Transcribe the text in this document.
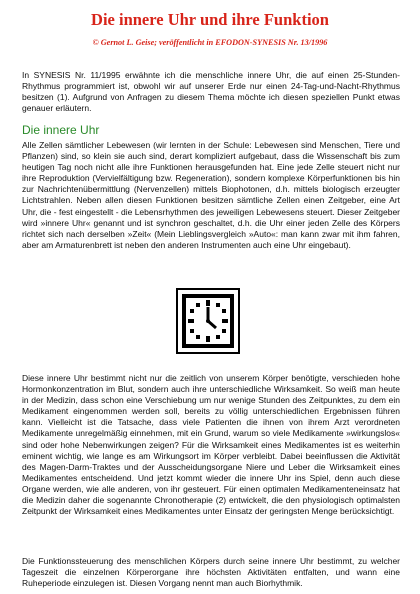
Die innere Uhr und ihre Funktion

© Gernot L. Geise; veröffentlicht in EFODON-SYNESIS Nr. 13/1996

In SYNESIS Nr. 11/1995 erwähnte ich die menschliche innere Uhr, die auf einen 25-Stunden-Rhythmus programmiert ist, obwohl wir auf unserer Erde nur einen 24-Tag-und-Nacht-Rhythmus besitzen (1). Aufgrund von Anfragen zu diesem Thema möchte ich diesen speziellen Punkt etwas genauer erläutern.

Die innere Uhr

Alle Zellen sämtlicher Lebewesen (wir lernten in der Schule: Lebewesen sind Menschen, Tiere und Pflanzen) sind, so klein sie auch sind, derart kompliziert aufgebaut, dass die Wissenschaft bis zum heutigen Tag noch nicht alle ihre Funktionen herausgefunden hat. Eine jede Zelle steuert nicht nur ihre Reproduktion (Vervielfältigung bzw. Regeneration), sondern komplexe Körperfunktionen bis hin zur Nachrichtenübermittlung (Nervenzellen) mittels Biophotonen, d.h. mittels biologisch erzeugter Lichtstrahlen. Neben allen diesen Funktionen besitzen sämtliche Zellen einen Zeitgeber, eine Art Uhr, die - fest eingestellt - die Lebensrhythmen des jeweiligen Lebewesens steuert. Dieser Zeitgeber wird »innere Uhr« genannt und ist synchron geschaltet, d.h. die Uhr einer jeden Zelle des Körpers richtet sich nach derselben »Zeit« (Mein Lieblingsvergleich »Auto«: man kann zwar mit ihm fahren, aber am Armaturenbrett ist neben den anderen Instrumenten auch eine Uhr eingebaut).

Diese innere Uhr bestimmt nicht nur die zeitlich von unserem Körper benötigte, verschieden hohe Hormonkonzentration im Blut, sondern auch ihre unterschiedliche Wirksamkeit. So weiß man heute in der Medizin, dass schon eine Verschiebung um nur wenige Stunden des Zeitpunktes, zu dem ein Medikament eingenommen werden soll, bereits zu völlig unterschiedlichen Ergebnissen führen kann. Vielleicht ist die Tatsache, dass viele Patienten die ihnen von ihrem Arzt verordneten Medikamente unregelmäßig einnehmen, mit ein Grund, warum so viele Medikamente »wirkungslos« sind oder hohe Nebenwirkungen zeigen? Für die Wirksamkeit eines Medikamentes ist es weiterhin eminent wichtig, wie lange es am Wirkungsort im Körper verbleibt. Dabei beeinflussen die Aktivität des Magen-Darm-Traktes und der Ausscheidungsorgane Niere und Leber die Wirksamkeit eines Medikamentes entscheidend. Und jetzt kommt wieder die innere Uhr ins Spiel, denn auch diese Organe werden, wie alle anderen, von ihr gesteuert. Für einen optimalen Medikamenteneinsatz hat die Medizin daher die sogenannte Chronotherapie (2) entwickelt, die den physiologisch optimalsten Zeitpunkt der Wirksamkeit eines Medikamentes unter Einsatz der geringsten Menge berücksichtigt.

Die Funktionssteuerung des menschlichen Körpers durch seine innere Uhr bestimmt, zu welcher Tageszeit die einzelnen Körperorgane ihre höchsten Aktivitäten entfalten, und wann eine Ruheperiode einzulegen ist. Diesen Vorgang nennt man auch Biorhythmik.
